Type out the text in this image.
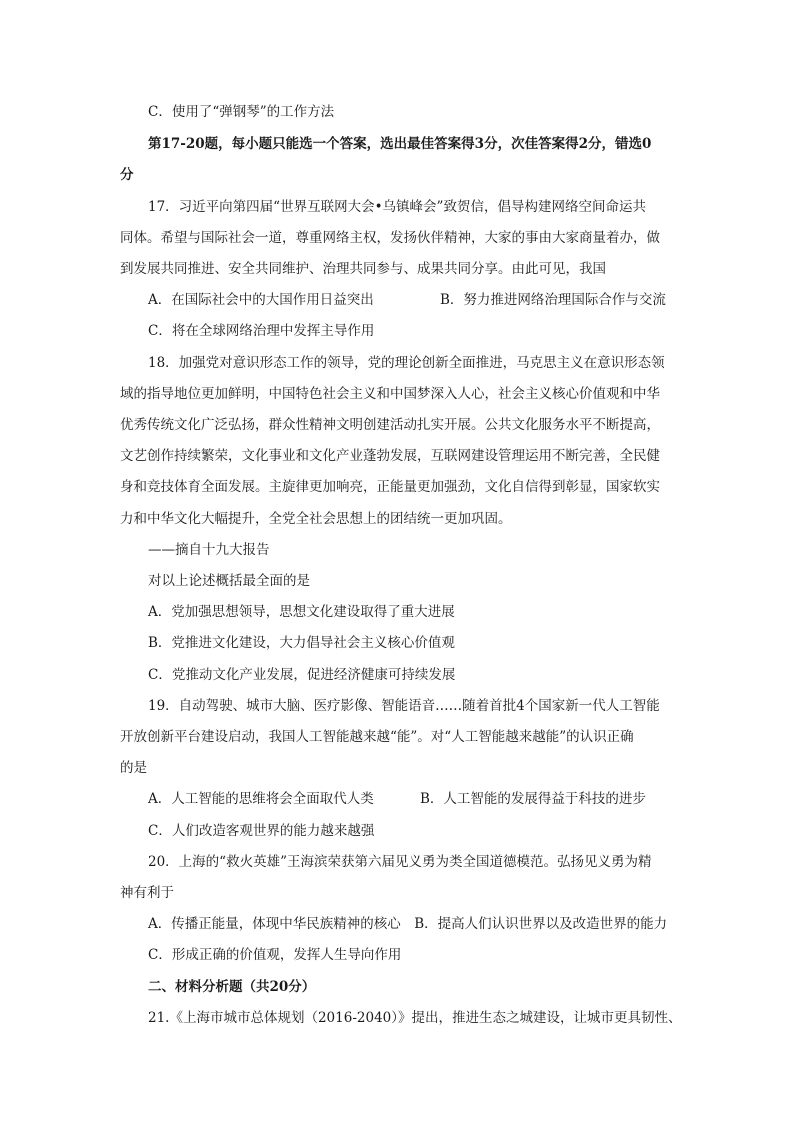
C．使用了“弹钢琴”的工作方法
第17-20题，每小题只能选一个答案，选出最佳答案得3分，次佳答案得2分，错选0
分
17．习近平向第四届“世界互联网大会•乌镇峰会”致贺信，倡导构建网络空间命运共
同体。希望与国际社会一道，尊重网络主权，发扬伙伴精神，大家的事由大家商量着办，做
到发展共同推进、安全共同维护、治理共同参与、成果共同分享。由此可见，我国
A．在国际社会中的大国作用日益突出	B．努力推进网络治理国际合作与交流
C．将在全球网络治理中发挥主导作用
18．加强党对意识形态工作的领导，党的理论创新全面推进，马克思主义在意识形态领
域的指导地位更加鲜明，中国特色社会主义和中国梦深入人心，社会主义核心价值观和中华
优秀传统文化广泛弘扬，群众性精神文明创建活动扎实开展。公共文化服务水平不断提高，
文艺创作持续繁荣，文化事业和文化产业蓬勃发展，互联网建设管理运用不断完善，全民健
身和竞技体育全面发展。主旋律更加响亮，正能量更加强劲，文化自信得到彰显，国家软实
力和中华文化大幅提升，全党全社会思想上的团结统一更加巩固。
——摘自十九大报告
对以上论述概括最全面的是
A．党加强思想领导，思想文化建设取得了重大进展
B．党推进文化建设，大力倡导社会主义核心价值观
C．党推动文化产业发展，促进经济健康可持续发展
19．自动驾驶、城市大脑、医疗影像、智能语音……随着首批4个国家新一代人工智能
开放创新平台建设启动，我国人工智能越来越“能”。对“人工智能越来越能”的认识正确
的是
A．人工智能的思维将会全面取代人类	B．人工智能的发展得益于科技的进步
C．人们改造客观世界的能力越来越强
20．上海的“救火英雄”王海滨荣获第六届见义勇为类全国道德模范。弘扬见义勇为精
神有利于
A．传播正能量，体现中华民族精神的核心　B．提高人们认识世界以及改造世界的能力
C．形成正确的价值观，发挥人生导向作用
二、材料分析题（共20分）
21.《上海市城市总体规划（2016-2040）》提出，推进生态之城建设，让城市更具韧性、
